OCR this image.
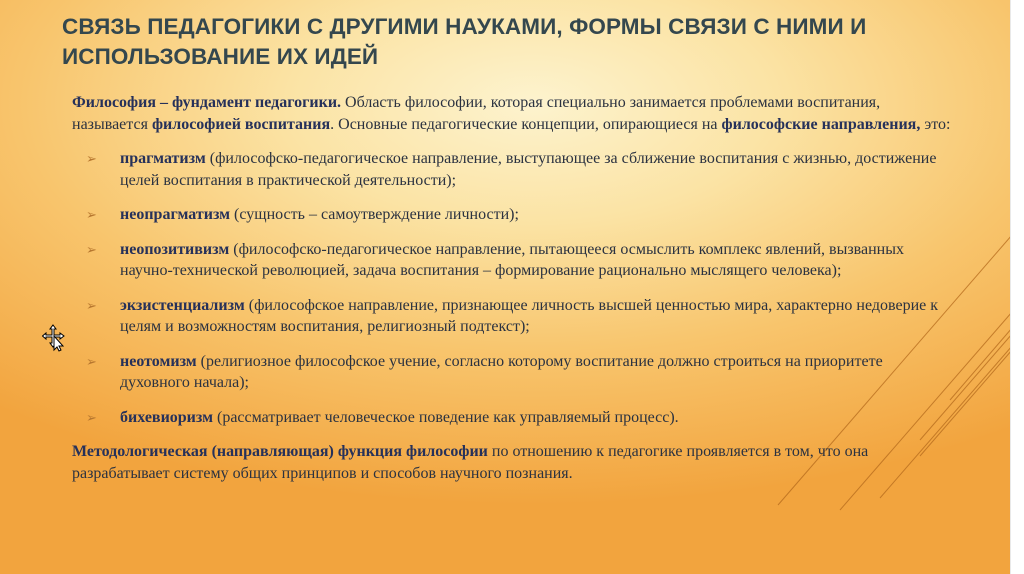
СВЯЗЬ ПЕДАГОГИКИ С ДРУГИМИ НАУКАМИ, ФОРМЫ СВЯЗИ С НИМИ И ИСПОЛЬЗОВАНИЕ ИХ ИДЕЙ

Философия – фундамент педагогики. Область философии, которая специально занимается проблемами воспитания, называется философией воспитания. Основные педагогические концепции, опирающиеся на философские направления, это:

➢ прагматизм (философско-педагогическое направление, выступающее за сближение воспитания с жизнью, достижение целей воспитания в практической деятельности);
➢ неопрагматизм (сущность – самоутверждение личности);
➢ неопозитивизм (философско-педагогическое направление, пытающееся осмыслить комплекс явлений, вызванных научно-технической революцией, задача воспитания – формирование рационально мыслящего человека);
➢ экзистенциализм (философское направление, признающее личность высшей ценностью мира, характерно недоверие к целям и возможностям воспитания, религиозный подтекст);
➢ неотомизм (религиозное философское учение, согласно которому воспитание должно строиться на приоритете духовного начала);
➢ бихевиоризм (рассматривает человеческое поведение как управляемый процесс).

Методологическая (направляющая) функция философии по отношению к педагогике проявляется в том, что она разрабатывает систему общих принципов и способов научного познания.
